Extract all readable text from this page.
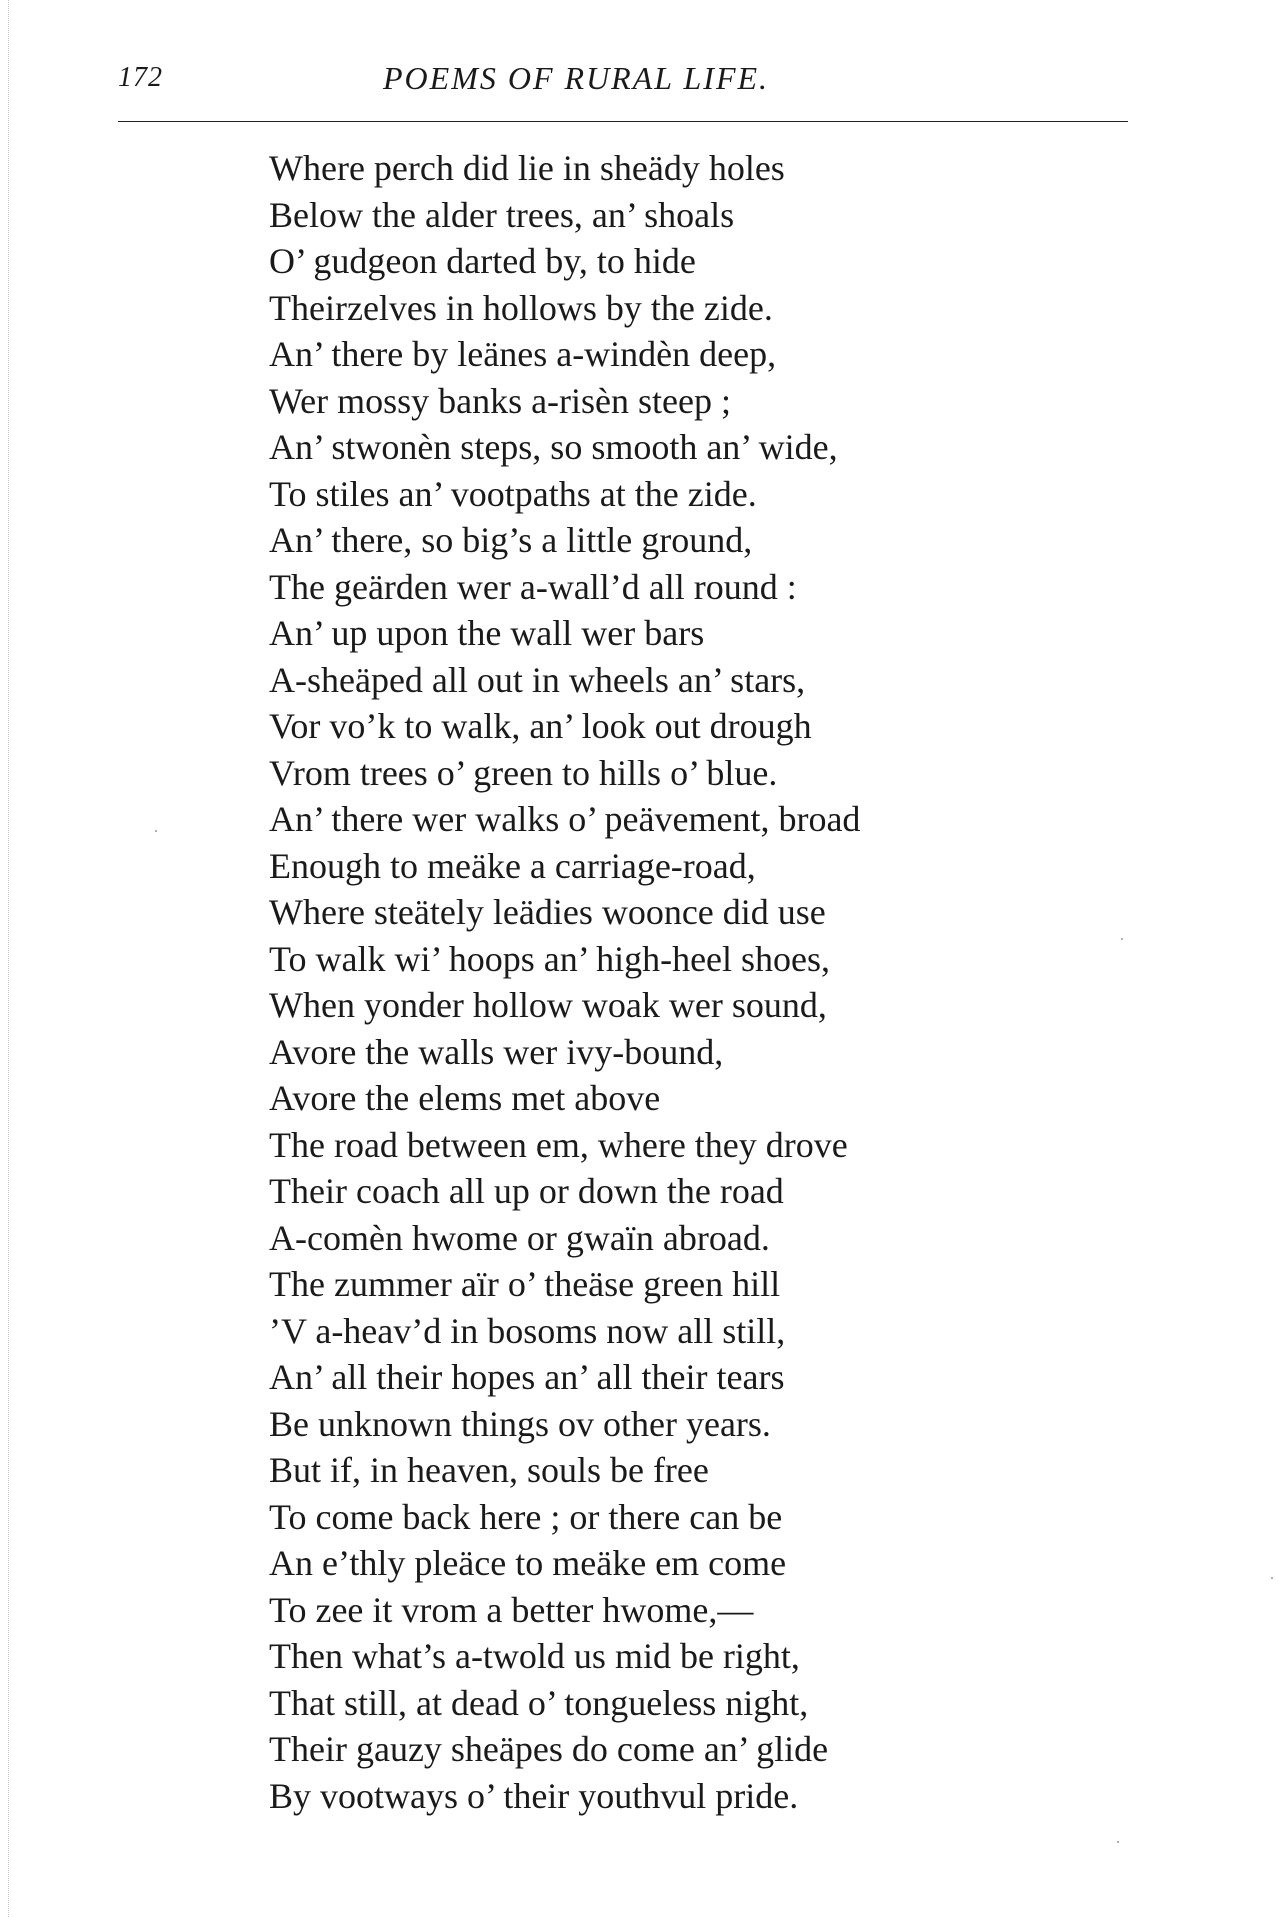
172	POEMS OF RURAL LIFE.
Where perch did lie in sheädy holes
Below the alder trees, an’ shoals
O’ gudgeon darted by, to hide
Theirzelves in hollows by the zide.
An’ there by leänes a-windèn deep,
Wer mossy banks a-risèn steep ;
An’ stwonèn steps, so smooth an’ wide,
To stiles an’ vootpaths at the zide.
An’ there, so big’s a little ground,
The geärden wer a-wall’d all round :
An’ up upon the wall wer bars
A-sheäped all out in wheels an’ stars,
Vor vo’k to walk, an’ look out drough
Vrom trees o’ green to hills o’ blue.
An’ there wer walks o’ peävement, broad
Enough to meäke a carriage-road,
Where steätely leädies woonce did use
To walk wi’ hoops an’ high-heel shoes,
When yonder hollow woak wer sound,
Avore the walls wer ivy-bound,
Avore the elems met above
The road between em, where they drove
Their coach all up or down the road
A-comèn hwome or gwaïn abroad.
The zummer aïr o’ theäse green hill
’V a-heav’d in bosoms now all still,
An’ all their hopes an’ all their tears
Be unknown things ov other years.
But if, in heaven, souls be free
To come back here ; or there can be
An e’thly pleäce to meäke em come
To zee it vrom a better hwome,—
Then what’s a-twold us mid be right,
That still, at dead o’ tongueless night,
Their gauzy sheäpes do come an’ glide
By vootways o’ their youthvul pride.
